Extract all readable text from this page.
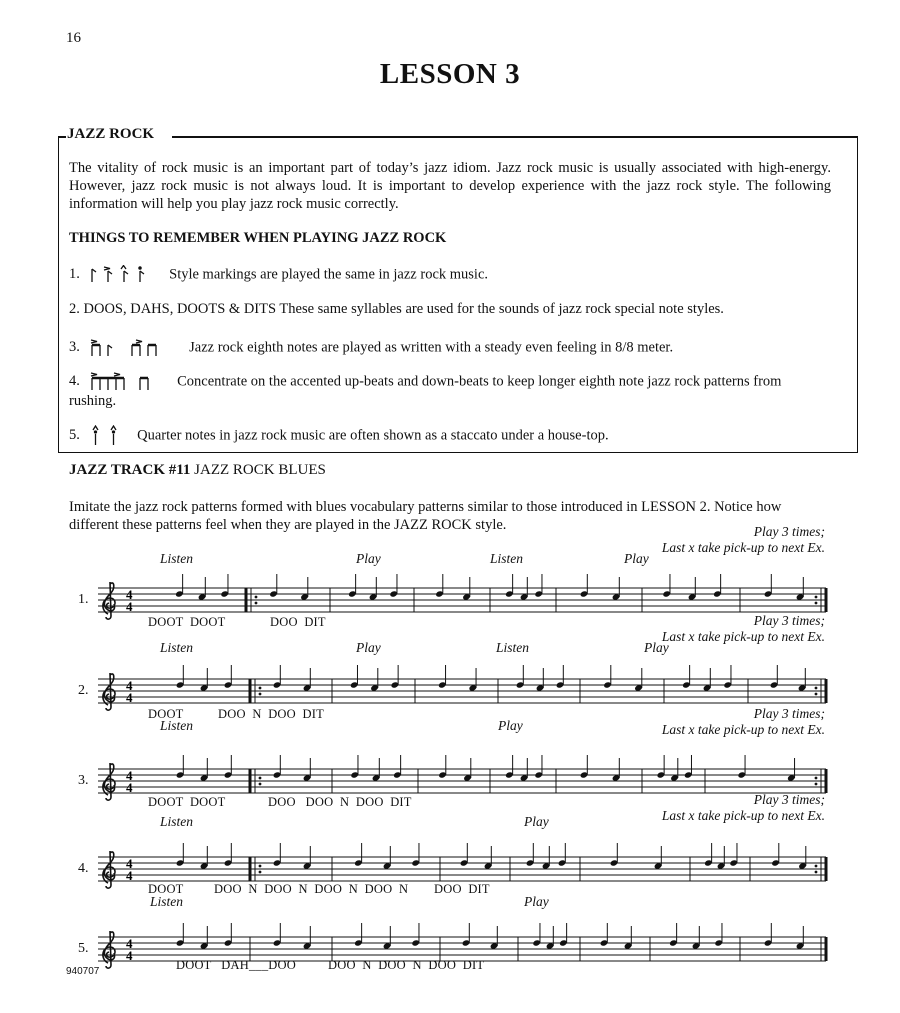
16
LESSON 3
JAZZ ROCK
The vitality of rock music is an important part of today’s jazz idiom. Jazz rock music is usually associated with high-energy. However, jazz rock music is not always loud. It is important to develop experience with the jazz rock style. The following information will help you play jazz rock music correctly.
THINGS TO REMEMBER WHEN PLAYING JAZZ ROCK
1.	Style markings are played the same in jazz rock music.
2. DOOS, DAHS, DOOTS & DITS These same syllables are used for the sounds of jazz rock special note styles.
3.	Jazz rock eighth notes are played as written with a steady even feeling in 8/8 meter.
4.	Concentrate on the accented up-beats and down-beats to keep longer eighth note jazz rock patterns from rushing.
5.	Quarter notes in jazz rock music are often shown as a staccato under a house-top.
JAZZ TRACK #11 JAZZ ROCK BLUES
Imitate the jazz rock patterns formed with blues vocabulary patterns similar to those introduced in LESSON 2. Notice how different these patterns feel when they are played in the JAZZ ROCK style.
4
4
4
4
4
4
4
4
4
4
1.
Listen	Play	Listen	Play
DOOT  DOOT	DOO  DIT
Play 3 times;
Last x take pick-up to next Ex.
2.
Listen	Play	Listen	Play
DOOT	DOO  N  DOO  DIT
Play 3 times;
Last x take pick-up to next Ex.
3.
Listen	Play
DOOT  DOOT	DOO   DOO  N  DOO  DIT
Play 3 times;
Last x take pick-up to next Ex.
4.
Listen	Play
DOOT DOO  N  DOO  N  DOO  N  DOO  N DOO  DIT
Play 3 times;
Last x take pick-up to next Ex.
5.
Listen	Play
DOOT   DAH___DOO	DOO  N  DOO  N  DOO  DIT
940707
